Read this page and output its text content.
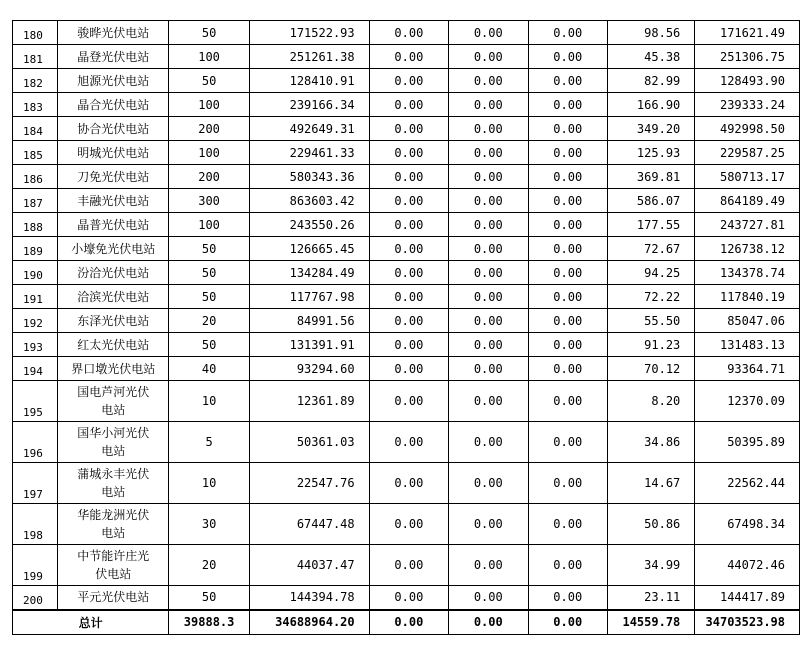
180	骏晔光伏电站	50	171522.93	0.00	0.00	0.00	98.56	171621.49
181	晶登光伏电站	100	251261.38	0.00	0.00	0.00	45.38	251306.75
182	旭源光伏电站	50	128410.91	0.00	0.00	0.00	82.99	128493.90
183	晶合光伏电站	100	239166.34	0.00	0.00	0.00	166.90	239333.24
184	协合光伏电站	200	492649.31	0.00	0.00	0.00	349.20	492998.50
185	明城光伏电站	100	229461.33	0.00	0.00	0.00	125.93	229587.25
186	刀免光伏电站	200	580343.36	0.00	0.00	0.00	369.81	580713.17
187	丰融光伏电站	300	863603.42	0.00	0.00	0.00	586.07	864189.49
188	晶普光伏电站	100	243550.26	0.00	0.00	0.00	177.55	243727.81
189	小壕免光伏电站	50	126665.45	0.00	0.00	0.00	72.67	126738.12
190	汾洽光伏电站	50	134284.49	0.00	0.00	0.00	94.25	134378.74
191	洽滨光伏电站	50	117767.98	0.00	0.00	0.00	72.22	117840.19
192	东泽光伏电站	20	84991.56	0.00	0.00	0.00	55.50	85047.06
193	红太光伏电站	50	131391.91	0.00	0.00	0.00	91.23	131483.13
194	界口墩光伏电站	40	93294.60	0.00	0.00	0.00	70.12	93364.71
195	国电芦河光伏电站	10	12361.89	0.00	0.00	0.00	8.20	12370.09
196	国华小河光伏电站	5	50361.03	0.00	0.00	0.00	34.86	50395.89
197	蒲城永丰光伏电站	10	22547.76	0.00	0.00	0.00	14.67	22562.44
198	华能龙洲光伏电站	30	67447.48	0.00	0.00	0.00	50.86	67498.34
199	中节能许庄光伏电站	20	44037.47	0.00	0.00	0.00	34.99	44072.46
200	平元光伏电站	50	144394.78	0.00	0.00	0.00	23.11	144417.89
总计		39888.3	34688964.20	0.00	0.00	0.00	14559.78	34703523.98
